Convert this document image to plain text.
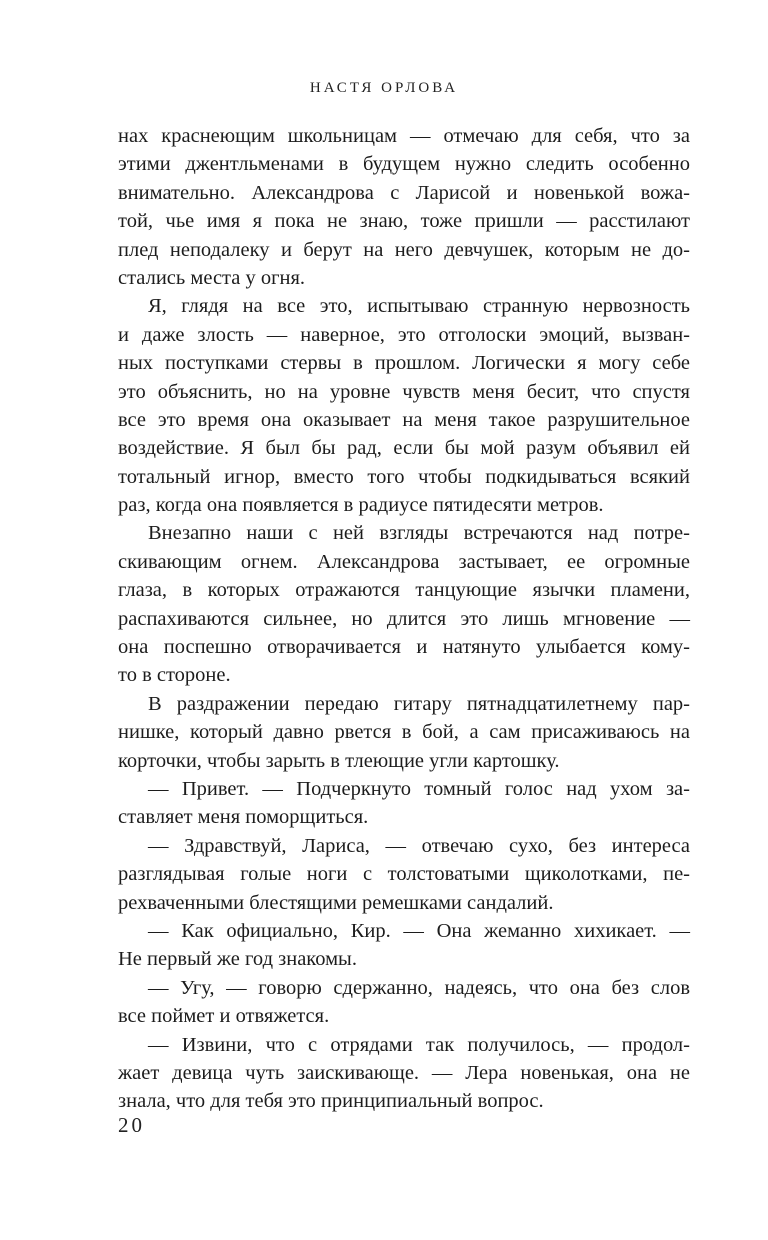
НАСТЯ ОРЛОВА
нах краснеющим школьницам — отмечаю для себя, что за
этими джентльменами в будущем нужно следить особенно
внимательно. Александрова с Ларисой и новенькой вожа-
той, чье имя я пока не знаю, тоже пришли — расстилают
плед неподалеку и берут на него девчушек, которым не до-
стались места у огня.
Я, глядя на все это, испытываю странную нервозность
и даже злость — наверное, это отголоски эмоций, вызван-
ных поступками стервы в прошлом. Логически я могу себе
это объяснить, но на уровне чувств меня бесит, что спустя
все это время она оказывает на меня такое разрушительное
воздействие. Я был бы рад, если бы мой разум объявил ей
тотальный игнор, вместо того чтобы подкидываться всякий
раз, когда она появляется в радиусе пятидесяти метров.
Внезапно наши с ней взгляды встречаются над потре-
скивающим огнем. Александрова застывает, ее огромные
глаза, в которых отражаются танцующие язычки пламени,
распахиваются сильнее, но длится это лишь мгновение —
она поспешно отворачивается и натянуто улыбается кому-
то в стороне.
В раздражении передаю гитару пятнадцатилетнему пар-
нишке, который давно рвется в бой, а сам присаживаюсь на
корточки, чтобы зарыть в тлеющие угли картошку.
— Привет. — Подчеркнуто томный голос над ухом за-
ставляет меня поморщиться.
— Здравствуй, Лариса, — отвечаю сухо, без интереса
разглядывая голые ноги с толстоватыми щиколотками, пе-
рехваченными блестящими ремешками сандалий.
— Как официально, Кир. — Она жеманно хихикает. —
Не первый же год знакомы.
— Угу, — говорю сдержанно, надеясь, что она без слов
все поймет и отвяжется.
— Извини, что с отрядами так получилось, — продол-
жает девица чуть заискивающе. — Лера новенькая, она не
знала, что для тебя это принципиальный вопрос.
20
